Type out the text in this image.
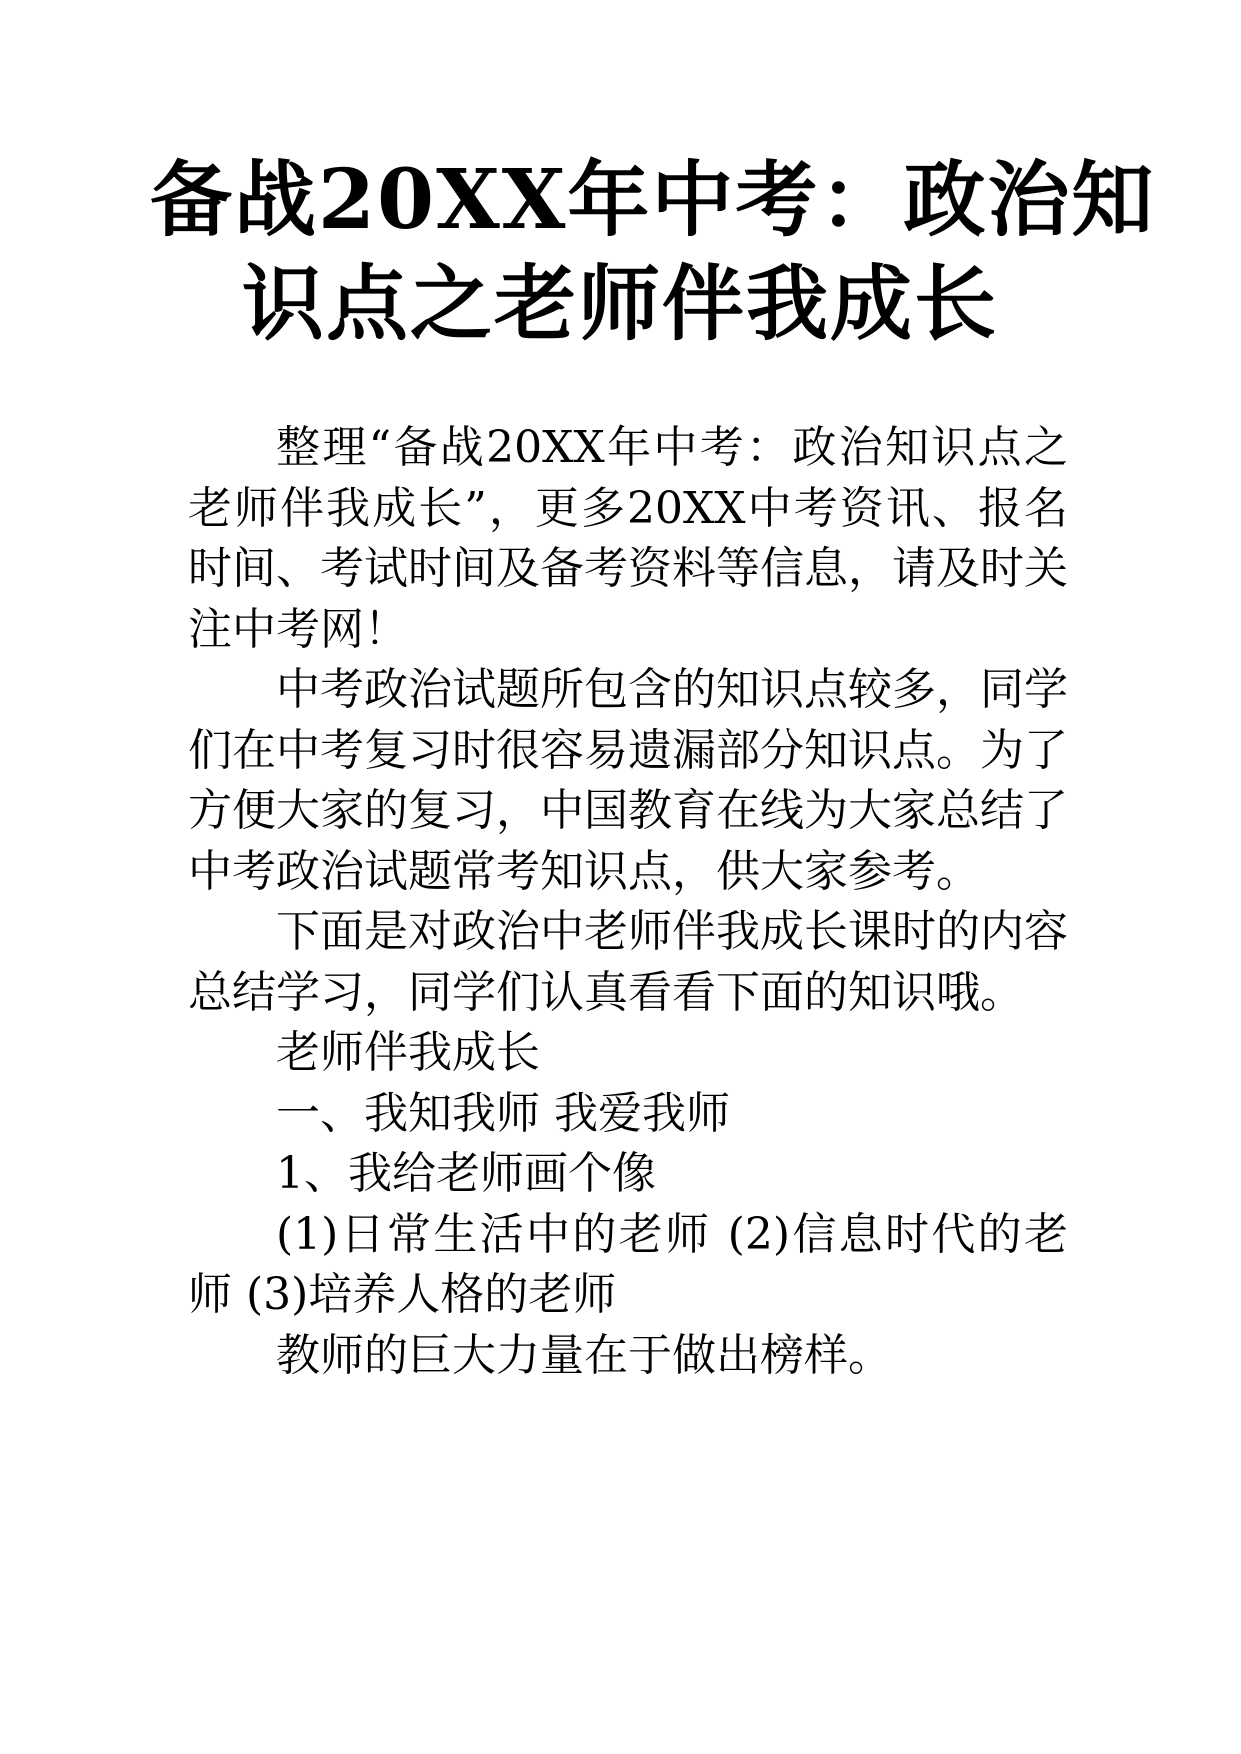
备战20XX年中考：政治知
识点之老师伴我成长

整理“备战20XX年中考：政治知识点之老师伴我成长”，更多20XX中考资讯、报名时间、考试时间及备考资料等信息，请及时关注中考网！

中考政治试题所包含的知识点较多，同学们在中考复习时很容易遗漏部分知识点。为了方便大家的复习，中国教育在线为大家总结了中考政治试题常考知识点，供大家参考。

下面是对政治中老师伴我成长课时的内容总结学习，同学们认真看看下面的知识哦。

老师伴我成长

一、我知我师 我爱我师

1、我给老师画个像

(1)日常生活中的老师 (2)信息时代的老师 (3)培养人格的老师

教师的巨大力量在于做出榜样。
